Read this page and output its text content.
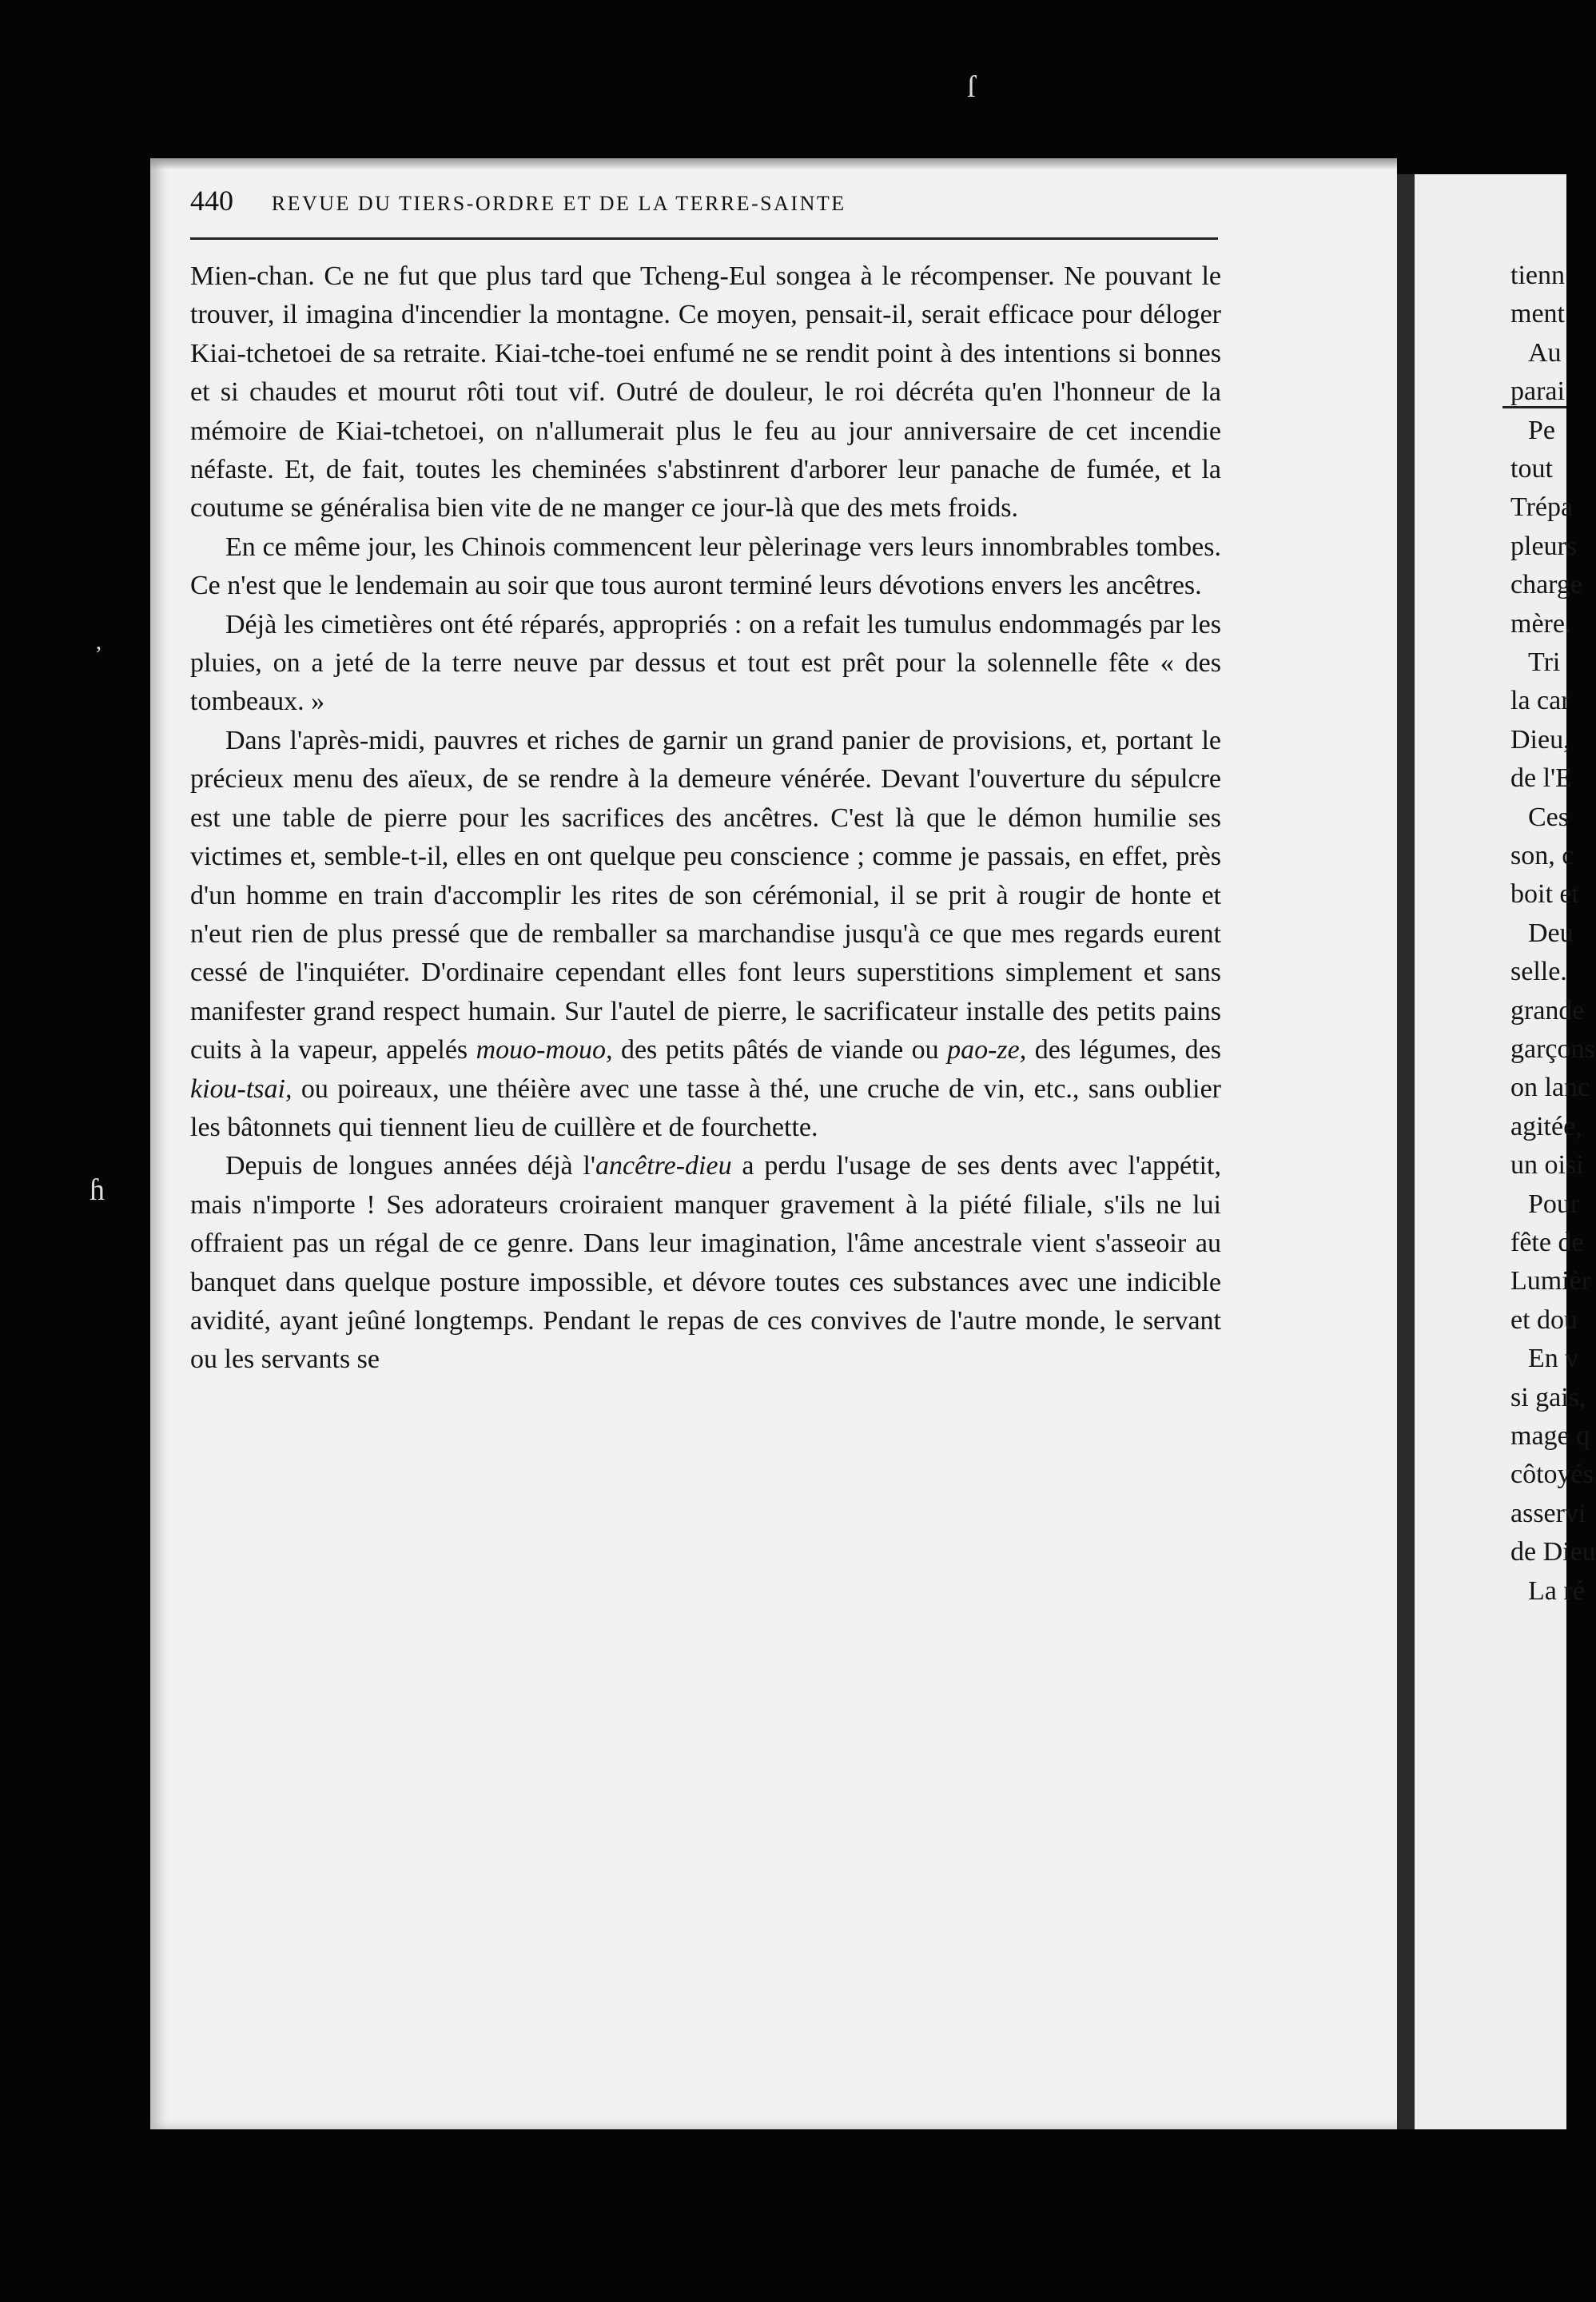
ſ
,
ɦ
440 REVUE DU TIERS-ORDRE ET DE LA TERRE-SAINTE

Mien-chan. Ce ne fut que plus tard que Tcheng-Eul songea à le récompenser. Ne pouvant le trouver, il imagina d'incendier la montagne. Ce moyen, pensait-il, serait efficace pour déloger Kiai-tchetoei de sa retraite. Kiai-tche-toei enfumé ne se rendit point à des intentions si bonnes et si chaudes et mourut rôti tout vif. Outré de douleur, le roi décréta qu'en l'honneur de la mémoire de Kiai-tchetoei, on n'allumerait plus le feu au jour anniversaire de cet incendie néfaste. Et, de fait, toutes les cheminées s'abstinrent d'arborer leur panache de fumée, et la coutume se généralisa bien vite de ne manger ce jour-là que des mets froids.

En ce même jour, les Chinois commencent leur pèlerinage vers leurs innombrables tombes. Ce n'est que le lendemain au soir que tous auront terminé leurs dévotions envers les ancêtres.

Déjà les cimetières ont été réparés, appropriés : on a refait les tumulus endommagés par les pluies, on a jeté de la terre neuve par dessus et tout est prêt pour la solennelle fête « des tombeaux. »

Dans l'après-midi, pauvres et riches de garnir un grand panier de provisions, et, portant le précieux menu des aïeux, de se rendre à la demeure vénérée. Devant l'ouverture du sépulcre est une table de pierre pour les sacrifices des ancêtres. C'est là que le démon humilie ses victimes et, semble-t-il, elles en ont quelque peu conscience ; comme je passais, en effet, près d'un homme en train d'accomplir les rites de son cérémonial, il se prit à rougir de honte et n'eut rien de plus pressé que de remballer sa marchandise jusqu'à ce que mes regards eurent cessé de l'inquiéter. D'ordinaire cependant elles font leurs superstitions simplement et sans manifester grand respect humain. Sur l'autel de pierre, le sacrificateur installe des petits pains cuits à la vapeur, appelés mouo-mouo, des petits pâtés de viande ou pao-ze, des légumes, des kiou-tsai, ou poireaux, une théière avec une tasse à thé, une cruche de vin, etc., sans oublier les bâtonnets qui tiennent lieu de cuillère et de fourchette.

Depuis de longues années déjà l'ancêtre-dieu a perdu l'usage de ses dents avec l'appétit, mais n'importe ! Ses adorateurs croiraient manquer gravement à la piété filiale, s'ils ne lui offraient pas un régal de ce genre. Dans leur imagination, l'âme ancestrale vient s'asseoir au banquet dans quelque posture impossible, et dévore toutes ces substances avec une indicible avidité, ayant jeûné longtemps. Pendant le repas de ces convives de l'autre monde, le servant ou les servants se

tienn
ment
Au
parai
Pe
tout
Trépa
pleurs
charge
mère.
Tri
la car
Dieu,
de l'E
Ces
son, c
boit et
Deu
selle.
grande
garçons
on lanc
agitée,
un oisi
Pour
fête de
Lumièr
et dou
En v
si gais,
mage q
côtoyés
asservi
de Dieu
La ré
